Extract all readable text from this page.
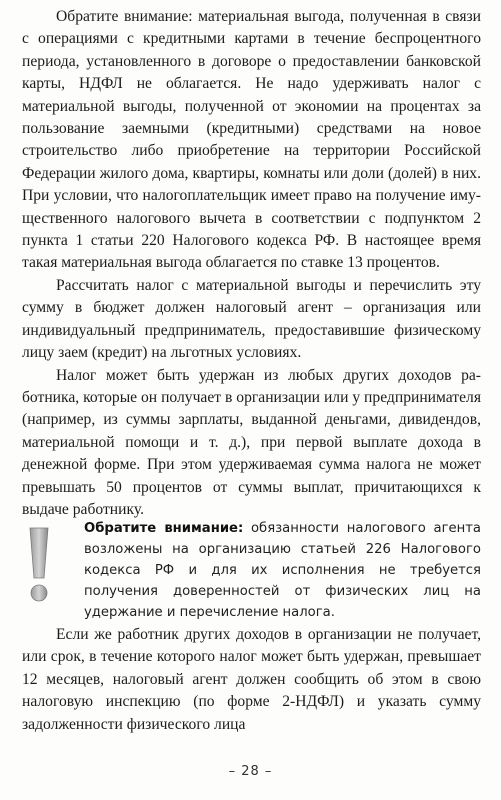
Обратите внимание: материальная выгода, полученная в связи с операциями с кредитными картами в течение беспроцентного периода, установленного в договоре о предоставлении банковской карты, НДФЛ не облагается. Не надо удерживать налог с материальной выгоды, полученной от экономии на процентах за пользование заемными (кредитными) средствами на новое строительство либо приобретение на территории Российской Федерации жилого дома, квартиры, комнаты или доли (долей) в них. При условии, что налогоплательщик имеет право на получение имущественного налогового вычета в соответствии с подпунктом 2 пункта 1 статьи 220 Налогового кодекса РФ. В настоящее время такая материальная выгода облагается по ставке 13 процентов.

Рассчитать налог с материальной выгоды и перечислить эту сумму в бюджет должен налоговый агент – организация или индивидуальный предприниматель, предоставившие физическому лицу заем (кредит) на льготных условиях.

Налог может быть удержан из любых других доходов работника, которые он получает в организации или у предпринимателя (например, из суммы зарплаты, выданной деньгами, дивидендов, материальной помощи и т. д.), при первой выплате дохода в денежной форме. При этом удерживаемая сумма налога не может превышать 50 процентов от суммы выплат, причитающихся к выдаче работнику.

Обратите внимание: обязанности налогового агента возложены на организацию статьей 226 Налогового кодекса РФ и для их исполнения не требуется получения доверенностей от физических лиц на удержание и перечисление налога.

Если же работник других доходов в организации не получает, или срок, в течение которого налог может быть удержан, превышает 12 месяцев, налоговый агент должен сообщить об этом в свою налоговую инспекцию (по форме 2-НДФЛ) и указать сумму задолженности физического лица

– 28 –
